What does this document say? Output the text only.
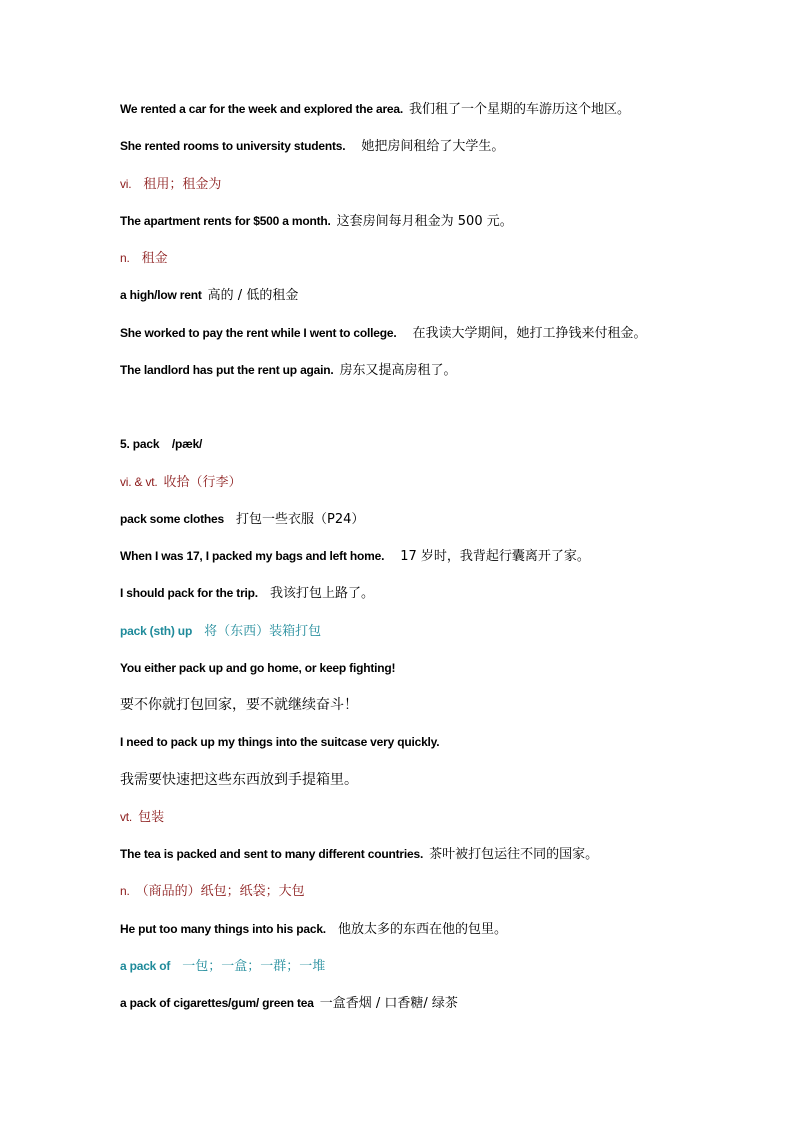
We rented a car for the week and explored the area. 我们租了一个星期的车游历这个地区。
She rented rooms to university students. 她把房间租给了大学生。
vi. 租用；租金为
The apartment rents for $500 a month. 这套房间每月租金为 500 元。
n. 租金
a high/low rent 高的 / 低的租金
She worked to pay the rent while I went to college. 在我读大学期间，她打工挣钱来付租金。
The landlord has put the rent up again. 房东又提高房租了。
5. pack    /pæk/
vi. & vt. 收拾（行李）
pack some clothes 打包一些衣服（P24）
When I was 17, I packed my bags and left home. 17 岁时，我背起行囊离开了家。
I should pack for the trip. 我该打包上路了。
pack (sth) up 将（东西）装箱打包
You either pack up and go home, or keep fighting!
要不你就打包回家，要不就继续奋斗！
I need to pack up my things into the suitcase very quickly.
我需要快速把这些东西放到手提箱里。
vt. 包装
The tea is packed and sent to many different countries. 茶叶被打包运往不同的国家。
n. （商品的）纸包；纸袋；大包
He put too many things into his pack. 他放太多的东西在他的包里。
a pack of 一包；一盒；一群；一堆
a pack of cigarettes/gum/ green tea 一盒香烟 / 口香糖/ 绿茶
